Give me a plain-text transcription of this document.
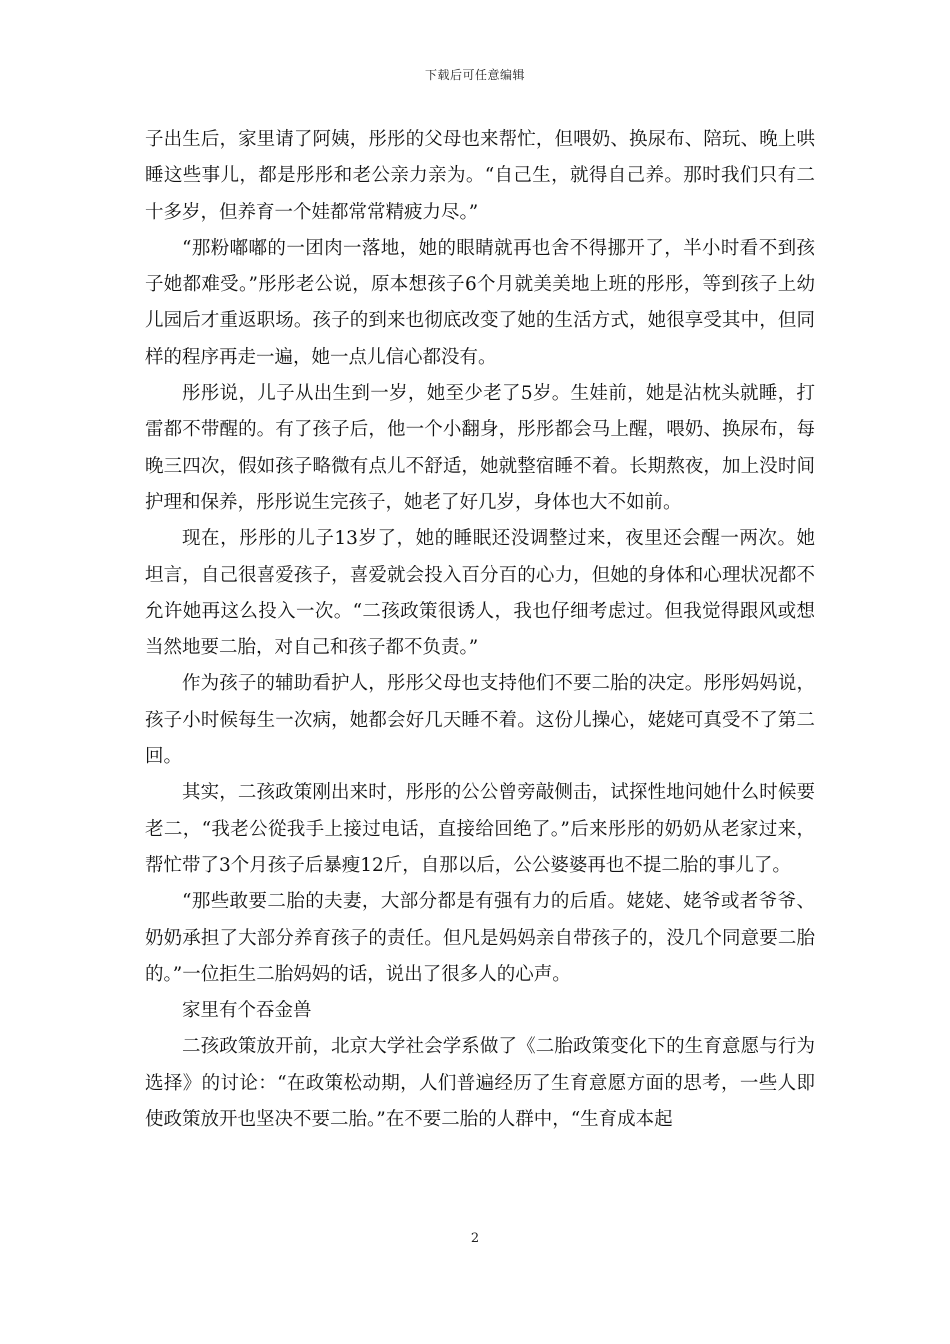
下载后可任意编辑

子出生后，家里请了阿姨，彤彤的父母也来帮忙，但喂奶、换尿布、陪玩、晚上哄睡这些事儿，都是彤彤和老公亲力亲为。“自己生，就得自己养。那时我们只有二十多岁，但养育一个娃都常常精疲力尽。”

“那粉嘟嘟的一团肉一落地，她的眼睛就再也舍不得挪开了，半小时看不到孩子她都难受。”彤彤老公说，原本想孩子6个月就美美地上班的彤彤，等到孩子上幼儿园后才重返职场。孩子的到来也彻底改变了她的生活方式，她很享受其中，但同样的程序再走一遍，她一点儿信心都没有。

彤彤说，儿子从出生到一岁，她至少老了5岁。生娃前，她是沾枕头就睡，打雷都不带醒的。有了孩子后，他一个小翻身，彤彤都会马上醒，喂奶、换尿布，每晚三四次，假如孩子略微有点儿不舒适，她就整宿睡不着。长期熬夜，加上没时间护理和保养，彤彤说生完孩子，她老了好几岁，身体也大不如前。

现在，彤彤的儿子13岁了，她的睡眠还没调整过来，夜里还会醒一两次。她坦言，自己很喜爱孩子，喜爱就会投入百分百的心力，但她的身体和心理状况都不允许她再这么投入一次。“二孩政策很诱人，我也仔细考虑过。但我觉得跟风或想当然地要二胎，对自己和孩子都不负责。”

作为孩子的辅助看护人，彤彤父母也支持他们不要二胎的决定。彤彤妈妈说，孩子小时候每生一次病，她都会好几天睡不着。这份儿操心，姥姥可真受不了第二回。

其实，二孩政策刚出来时，彤彤的公公曾旁敲侧击，试探性地问她什么时候要老二，“我老公從我手上接过电话，直接给回绝了。”后来彤彤的奶奶从老家过来，帮忙带了3个月孩子后暴瘦12斤，自那以后，公公婆婆再也不提二胎的事儿了。

“那些敢要二胎的夫妻，大部分都是有强有力的后盾。姥姥、姥爷或者爷爷、奶奶承担了大部分养育孩子的责任。但凡是妈妈亲自带孩子的，没几个同意要二胎的。”一位拒生二胎妈妈的话，说出了很多人的心声。

家里有个吞金兽

二孩政策放开前，北京大学社会学系做了《二胎政策变化下的生育意愿与行为选择》的讨论：“在政策松动期，人们普遍经历了生育意愿方面的思考，一些人即使政策放开也坚决不要二胎。”在不要二胎的人群中，“生育成本起

2
